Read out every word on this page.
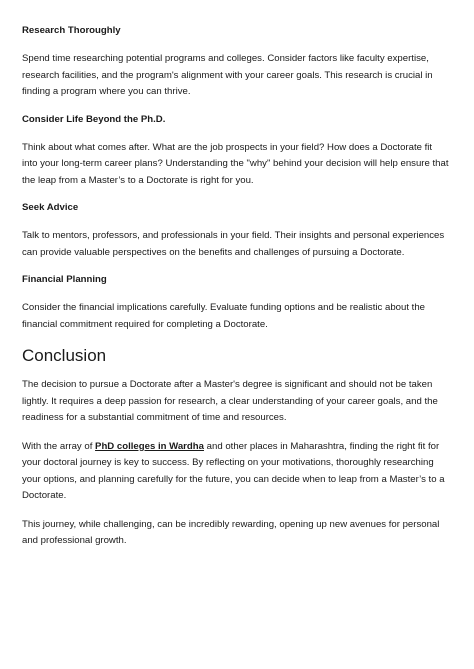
Research Thoroughly

Spend time researching potential programs and colleges. Consider factors like faculty expertise, research facilities, and the program's alignment with your career goals. This research is crucial in finding a program where you can thrive.

Consider Life Beyond the Ph.D.

Think about what comes after. What are the job prospects in your field? How does a Doctorate fit into your long-term career plans? Understanding the "why" behind your decision will help ensure that the leap from a Master’s to a Doctorate is right for you.

Seek Advice

Talk to mentors, professors, and professionals in your field. Their insights and personal experiences can provide valuable perspectives on the benefits and challenges of pursuing a Doctorate.

Financial Planning

Consider the financial implications carefully. Evaluate funding options and be realistic about the financial commitment required for completing a Doctorate.

Conclusion

The decision to pursue a Doctorate after a Master's degree is significant and should not be taken lightly. It requires a deep passion for research, a clear understanding of your career goals, and the readiness for a substantial commitment of time and resources.

With the array of PhD colleges in Wardha and other places in Maharashtra, finding the right fit for your doctoral journey is key to success. By reflecting on your motivations, thoroughly researching your options, and planning carefully for the future, you can decide when to leap from a Master’s to a Doctorate.

This journey, while challenging, can be incredibly rewarding, opening up new avenues for personal and professional growth.
